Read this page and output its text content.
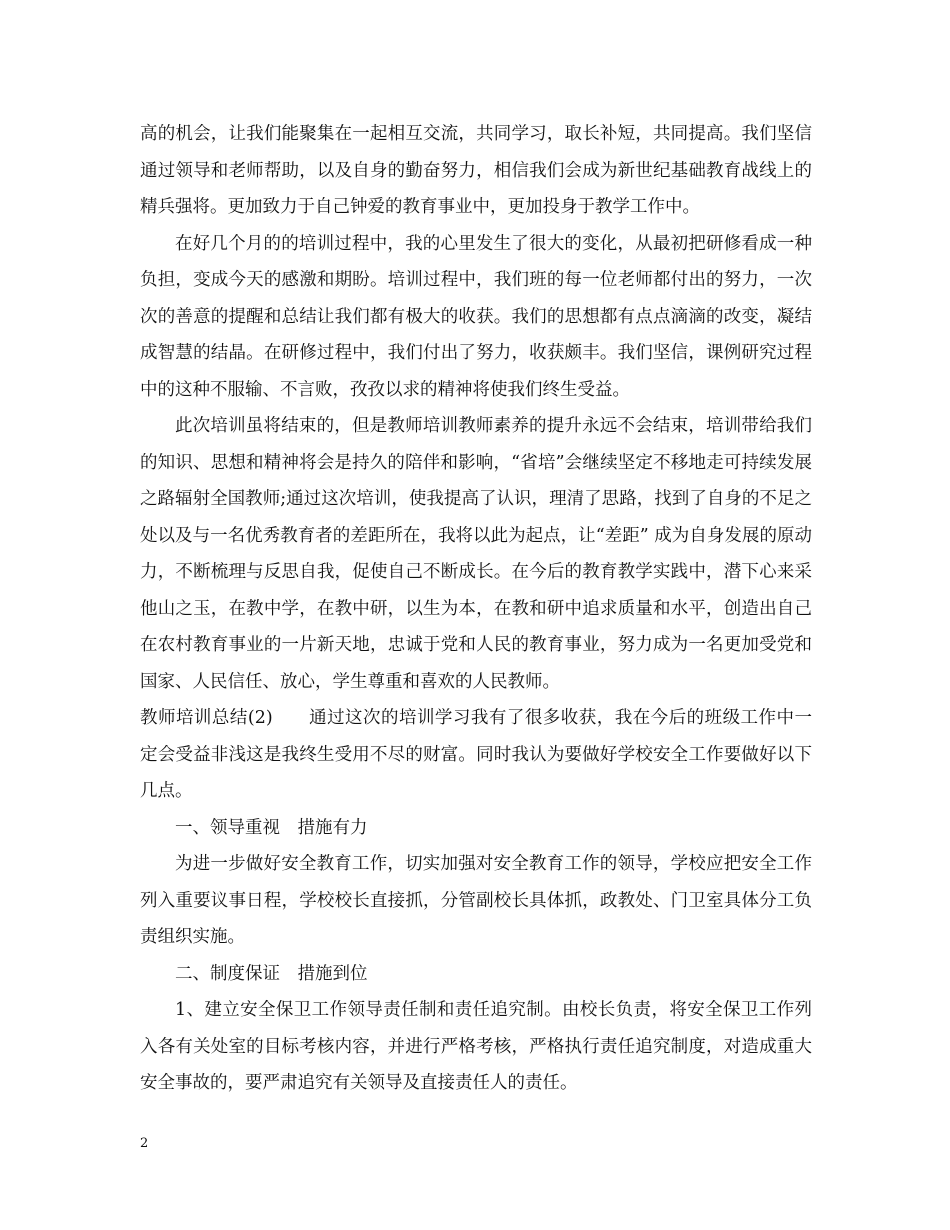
高的机会，让我们能聚集在一起相互交流，共同学习，取长补短，共同提高。我们坚信通过领导和老师帮助，以及自身的勤奋努力，相信我们会成为新世纪基础教育战线上的精兵强将。更加致力于自己钟爱的教育事业中，更加投身于教学工作中。

在好几个月的的培训过程中，我的心里发生了很大的变化，从最初把研修看成一种负担，变成今天的感激和期盼。培训过程中，我们班的每一位老师都付出的努力，一次次的善意的提醒和总结让我们都有极大的收获。我们的思想都有点点滴滴的改变，凝结成智慧的结晶。在研修过程中，我们付出了努力，收获颇丰。我们坚信，课例研究过程中的这种不服输、不言败，孜孜以求的精神将使我们终生受益。

此次培训虽将结束的，但是教师培训教师素养的提升永远不会结束，培训带给我们的知识、思想和精神将会是持久的陪伴和影响，“省培”会继续坚定不移地走可持续发展之路辐射全国教师;通过这次培训，使我提高了认识，理清了思路，找到了自身的不足之处以及与一名优秀教育者的差距所在，我将以此为起点，让“差距” 成为自身发展的原动力，不断梳理与反思自我，促使自己不断成长。在今后的教育教学实践中，潜下心来采他山之玉，在教中学，在教中研，以生为本，在教和研中追求质量和水平，创造出自己在农村教育事业的一片新天地，忠诚于党和人民的教育事业，努力成为一名更加受党和国家、人民信任、放心，学生尊重和喜欢的人民教师。

教师培训总结(2)　　通过这次的培训学习我有了很多收获，我在今后的班级工作中一定会受益非浅这是我终生受用不尽的财富。同时我认为要做好学校安全工作要做好以下几点。

一、领导重视　措施有力

为进一步做好安全教育工作，切实加强对安全教育工作的领导，学校应把安全工作列入重要议事日程，学校校长直接抓，分管副校长具体抓，政教处、门卫室具体分工负责组织实施。

二、制度保证　措施到位

1、建立安全保卫工作领导责任制和责任追究制。由校长负责，将安全保卫工作列入各有关处室的目标考核内容，并进行严格考核，严格执行责任追究制度，对造成重大安全事故的，要严肃追究有关领导及直接责任人的责任。

2
